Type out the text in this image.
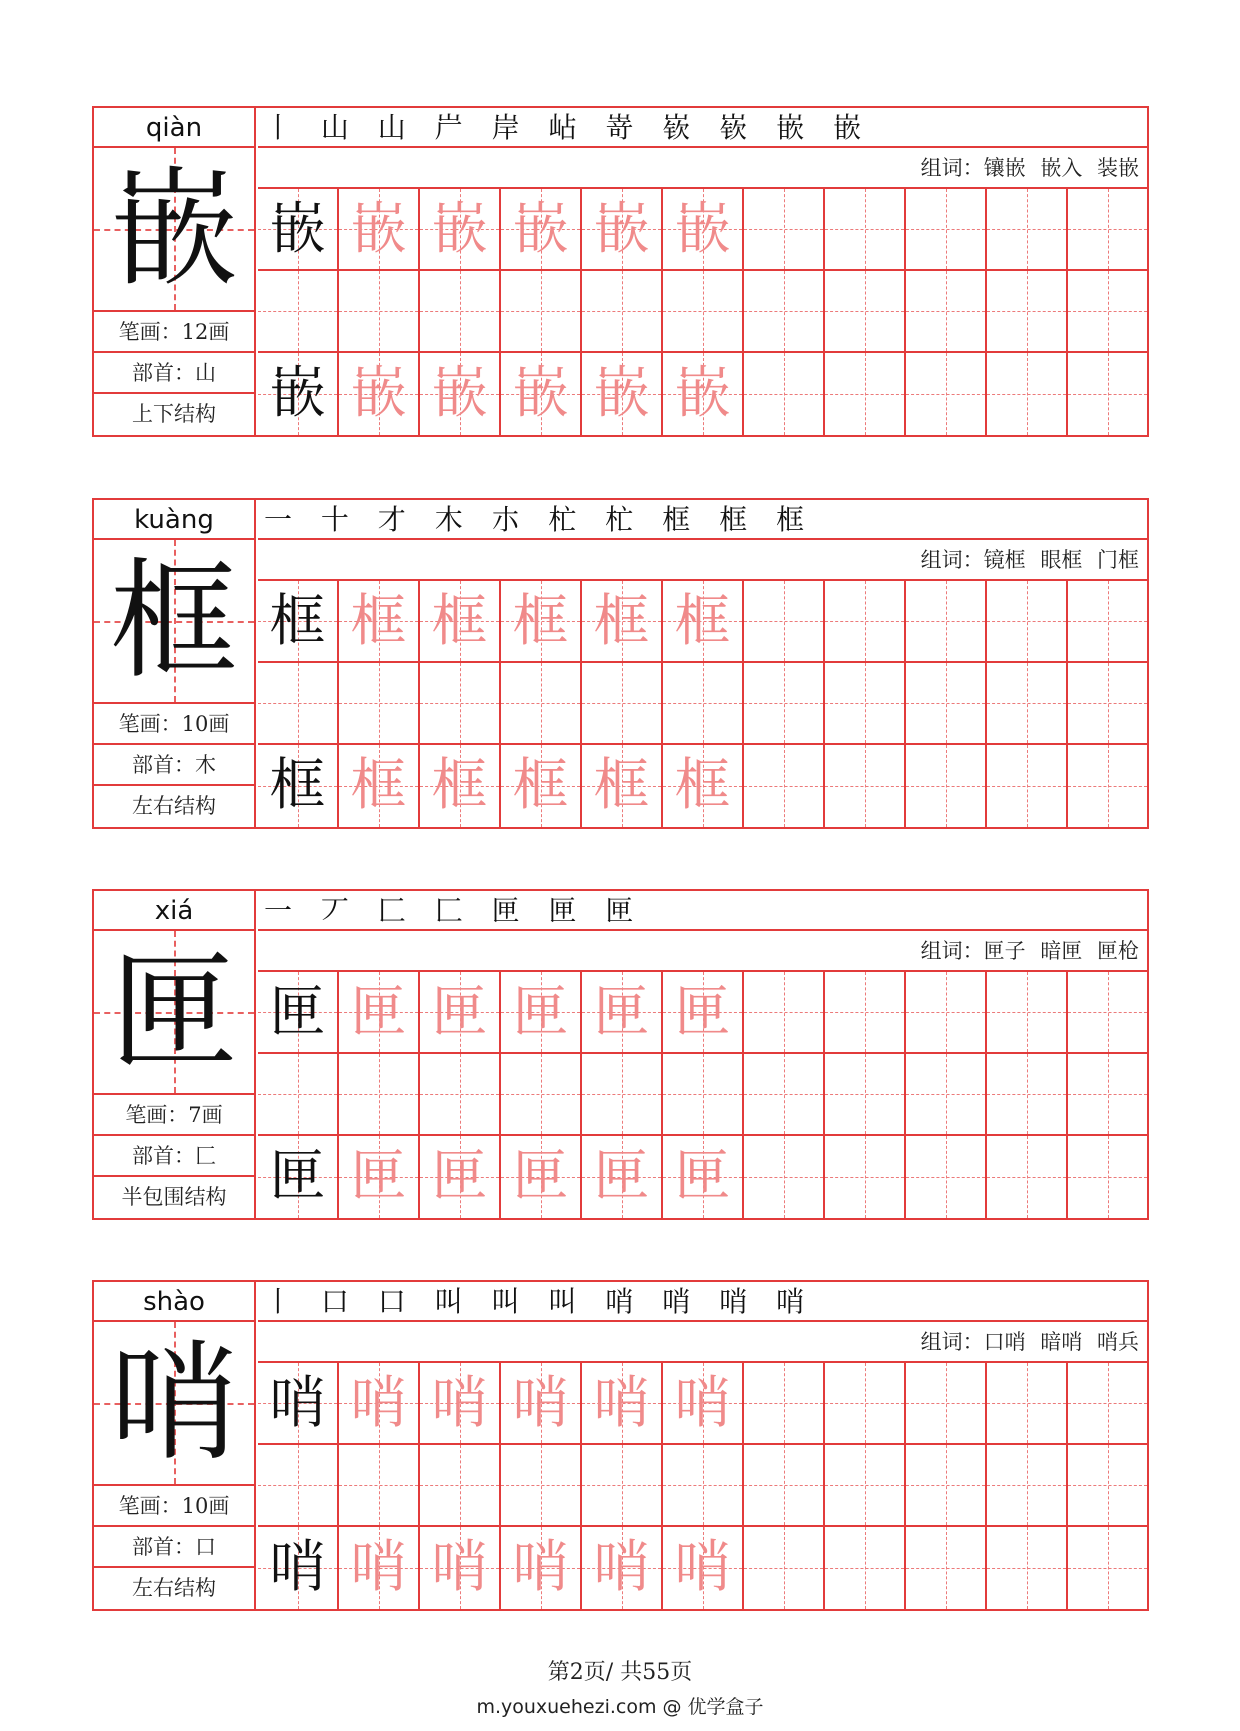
qiàn
嵌
笔画：12画
部首：山
上下结构
丨 山 山 屵 岸 岾 嵜 嵚 嵚 嵌 嵌
组词：镶嵌 嵌入 装嵌
嵌 嵌 嵌 嵌 嵌 嵌
嵌 嵌 嵌 嵌 嵌 嵌
kuàng
框
笔画：10画
部首：木
左右结构
一 十 才 木 朩 杧 杧 框 框 框
组词：镜框 眼框 门框
框 框 框 框 框 框
框 框 框 框 框 框
xiá
匣
笔画：7画
部首：匚
半包围结构
一 丆 匚 匚 匣 匣 匣
组词：匣子 暗匣 匣枪
匣 匣 匣 匣 匣 匣
匣 匣 匣 匣 匣 匣
shào
哨
笔画：10画
部首：口
左右结构
丨 口 口 叫 叫 叫 哨 哨 哨 哨
组词：口哨 暗哨 哨兵
哨 哨 哨 哨 哨 哨
哨 哨 哨 哨 哨 哨
第2页/ 共55页
m.youxuehezi.com @ 优学盒子
